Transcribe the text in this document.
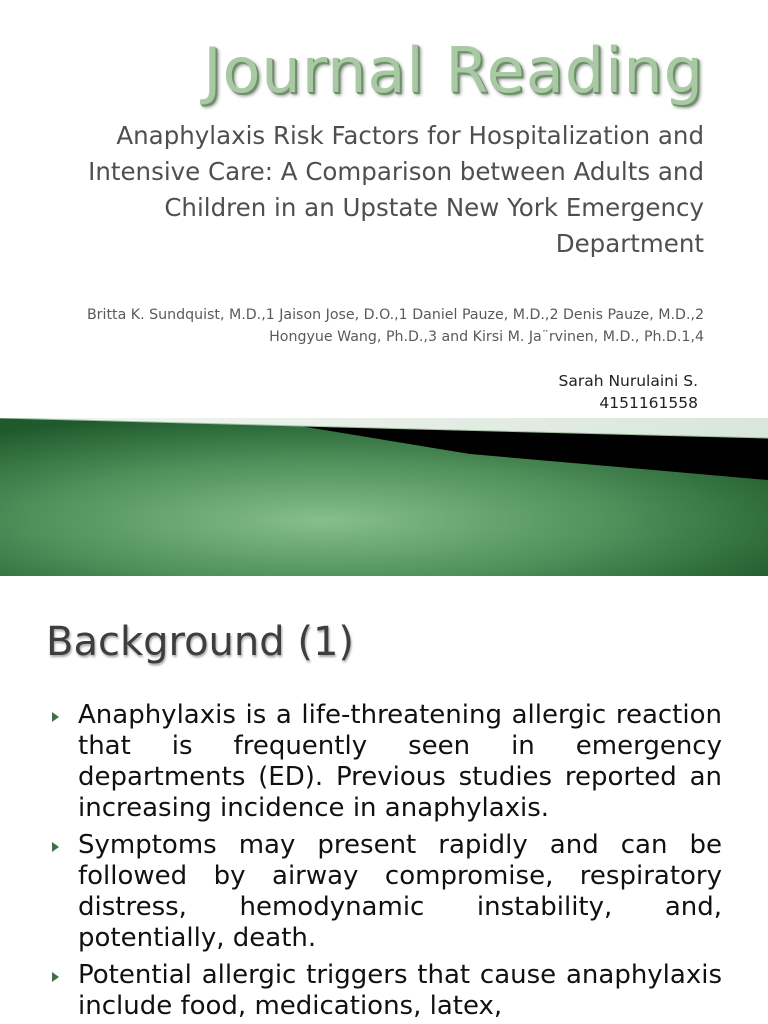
Journal Reading

Anaphylaxis Risk Factors for Hospitalization and Intensive Care: A Comparison between Adults and Children in an Upstate New York Emergency Department

Britta K. Sundquist, M.D.,1 Jaison Jose, D.O.,1 Daniel Pauze, M.D.,2 Denis Pauze, M.D.,2 Hongyue Wang, Ph.D.,3 and Kirsi M. Ja¨rvinen, M.D., Ph.D.1,4

Sarah Nurulaini S.
4151161558
Background (1)
Anaphylaxis is a life-threatening allergic reaction that is frequently seen in emergency departments (ED). Previous studies reported an increasing incidence in anaphylaxis.
Symptoms may present rapidly and can be followed by airway compromise, respiratory distress, hemodynamic instability, and, potentially, death.
Potential allergic triggers that cause anaphylaxis include food, medications, latex,
